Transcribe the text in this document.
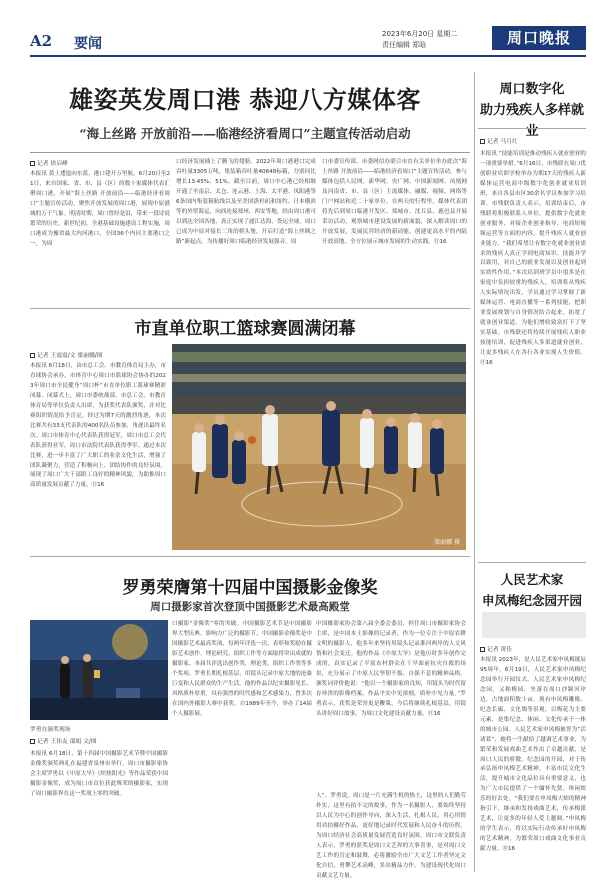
A2 要闻
2023年6月20日 星期二
责任编辑 郑晗	周口晚报
雄姿英发周口港 恭迎八方媒体客
“海上丝路 开放前沿——临港经济看周口”主题宣传活动启动
记者 徐启峰
本报讯 黄土逶迤向东蓝，港口建开万里航。6月20日至21日，来自国家、省、市、县（区）的数十家媒体代表汇聚周口港，开展“海上丝路 开放前沿——临港经济看周口”主题宣传活动，聚焦开放发展的周口港，展现中原港城的万千气象。明清时期，周口曾经是沿，带来一段诗说繁荣的历史。新世纪初，全港基础设施建设工程实施，周口港成为豫省最大内河港口，全国36个内河主要港口之一，为周
口经济发展插上了腾飞的翅膀。2022年周口港港口完成吞吐量3305万吨，集装箱吞吐量40648标箱，分别同比增长13.45%、51%。截至目前，周口中心港已经相继开通了至南京、太仓、连云港、上海、太平港、凤阳港等6条国内集装箱航线以及至美国洛杉矶和纽约、日本横滨等的外贸海运，向西连接郑州、西安等地，经由周口港可以到达全国各地，真正实现了通江达海，货运全球，周口已成为中原对接长三角的桥头堡，开启打造“海上丝绸之路”新起点。为传播好周口临港经济发展强音，周
口市委宣传部、市委网信办联合市直有关单位举办此次“海上丝路 开放前沿——临港经济看周口”主题宣传活动，参与媒体包括人民网、新华网、央广网、中国新闻网、凤凰网及河南省、市、县（区）主流媒体、融媒、视频、网络等门户网站和近二十家单位。在两天的行程里，媒体代表团将先后到周口临港开发区、郑城市、沈丘县、鹿邑县开展采访活动，观察城市建设发展的新面貌，深入解读周口的开放发展，发展民营经济的新动能，创建更高水平的内陆开放高地，全方位展示城市发展的生动实践。⑪16
周口数字化
助力残疾人多样就业
记者 马月红
本报讯 “技能培训是推动残疾人就业创业的一项重要举措。”6月16日，市残联在周口优创职业培训学校举办为期17天的残疾人新媒体运营电商中级数字化创业就业培训班，来自各县市区30余名学员参加学习培训。市残联负责人表示，培训结束后，市残联将积极联系人单位，提供数字化就业创业服务，对接企业创业指导、电商短视频运营等方面的内容，提升残疾人就业创业能力。“我们希望让有数字化就业创业需求的残疾人真正学到电商知识、技能并学以致用，对自己的就业发展以及创业起到实质性作用。”本次培训班学员中很多是在家庭中负担较重的残疾人，培训将从残疾人实际情况出发，学员通过学习掌握了新媒体运营、电商直播等一系列技能，把职业发展规划与自身情况结合起来，拓宽了就业创业渠道，为他们增收致富打下了坚实基础。市残联还将持续开展残疾人职业技能培训，促进残疾人多渠道就业创业，让更多残疾人在各行各业实现人生价值。⑪16
市直单位职工篮球赛圆满闭幕
记者 王震震/文 梁丽娜/图
本报讯 6月18日，由市总工会、市教育体育局主办，市直球协会承办，市体育中心周口市篮球协会协办的2023年周口市全民健身“周口杯”市直单位职工篮球赛精彩闭幕。闭幕式上，周口市委统战部、市总工会、市教育体育局等单位负责人出席，为获奖代表队颁奖，并对比赛组织情况给予肯定。经过为期7天的激烈角逐，本次比赛共有33支代表队的400名队员参加，角逐出最终名次。周口市体育中心代表队获得冠军，周口市总工会代表队获得亚军，周口市法院代表队获得季军。通过本次比赛，进一步丰富了广大职工的业余文化生活，增强了团队凝聚力，营造了积极向上、团结协作的良好氛围，展现了周口广大干部职工良好的精神风貌，为助推周口高质量发展贡献了力量。⑪16
梁丽娜 摄
罗勇荣膺第十四届中国摄影金像奖
周口摄影家首次登顶中国摄影艺术最高殿堂
罗勇在颁奖现场
记者 王伟友 邵娟 文/图
本报讯 6月18日，第十四届中国摄影艺术节暨中国摄影金像奖颁奖典礼在福建省泉州市举行。周口市摄影家协会主席罗勇以《中原大旱》《炽热阳光》等作品荣获中国摄影金像奖，成为周口市首位获此殊荣的摄影家，实现了周口摄影界在这一奖项上零的突破。
口摄影“金像奖”零的突破。中国摄影艺术节是中国摄影界大型庆典，影响力广泛的摄影节。中国摄影金像奖是中国摄影艺术最高奖项，每两年评选一次，表彰和奖励在摄影艺术创作、理论研究、组织工作等方面取得突出成就的摄影家。本届共评选出创作类、理论类、组织工作类等多个奖项。罗勇长期扎根基层，用镜头记录中原大地的沧桑巨变和人民群众的生产生活。他的作品以纪实摄影见长，风格质朴厚重，具有强烈的时代感和艺术感染力，曾多次在国内外摄影大赛中获奖。自1989年至今，举办了14届个人摄影展。
中国摄影家协会第八届全委会委员，担任周口市摄影家协会主席，是中国本土影像的记录者。作为一位专注于中原农耕文明的摄影人，他多年来坚持用镜头记录淮河两岸的人文风情和社会变迁。他的作品《中原大旱》是他历时多年创作完成的，真实记录了平原农村群众在干旱面前抗灾自救的场景，充分展示了中原人民坚韧不拔、自强不息的精神品格。颁奖词评价他说：“他以一个摄影家的良知，用镜头为时代留存珍贵的影像档案，作品平实中见深刻，质朴中见力量。”罗勇表示，获奖是荣誉更是鞭策，今后将继续扎根基层，用镜头讲好周口故事，为周口文化建设贡献力量。⑪16
人”。罗勇说，周口是一片充满生机的热土，这里的人们勤劳朴实，这里有拍不完的故事。作为一名摄影人，要始终坚持以人民为中心的创作导向，深入生活，扎根人民，用心用情用功拍摄好作品，更好地记录时代发展和人民奋斗的历程，为周口经济社会高质量发展营造良好氛围。周口市文联负责人表示，罗勇的获奖是周口文艺界的大事喜事，是对周口文艺工作的肯定和鼓舞，必将激励全市广大文艺工作者坚定文化自信，勇攀艺术高峰，多出精品力作，为建设现代化周口贡献文艺力量。
人民艺术家
申凤梅纪念园开园
记者 黄佳
本报讯 2023年，是人民艺术家申凤梅诞辰95周年，6月19日，人民艺术家申凤梅纪念园举行开园仪式。人民艺术家申凤梅纪念园，又称梅园，坐落在周口沙颍河岸边，占地面积数十亩，现有申凤梅雕像、纪念长廊、文化墙等景观，以梅花为主要元素，是集纪念、休闲、文化传承于一体的城市公园。人民艺术家申凤梅被誉为“活诸葛”，她将一生献给了越调艺术事业，为繁荣和发展戏曲艺术作出了卓越贡献，是周口人民的骄傲。纪念园的开园，对于传承弘扬申凤梅艺术精神，丰富市民文化生活，提升城市文化品位具有重要意义，也为广大市民提供了一个缅怀先贤、休闲娱乐的好去处。“我们要在申凤梅大师的精神指引下，继承和发扬戏曲艺术，传承梅派艺术，让更多的年轻人爱上越调。”申凤梅的学生表示，将以实际行动传承好申凤梅的艺术精神，为繁荣周口戏曲文化事业贡献力量。⑪16
